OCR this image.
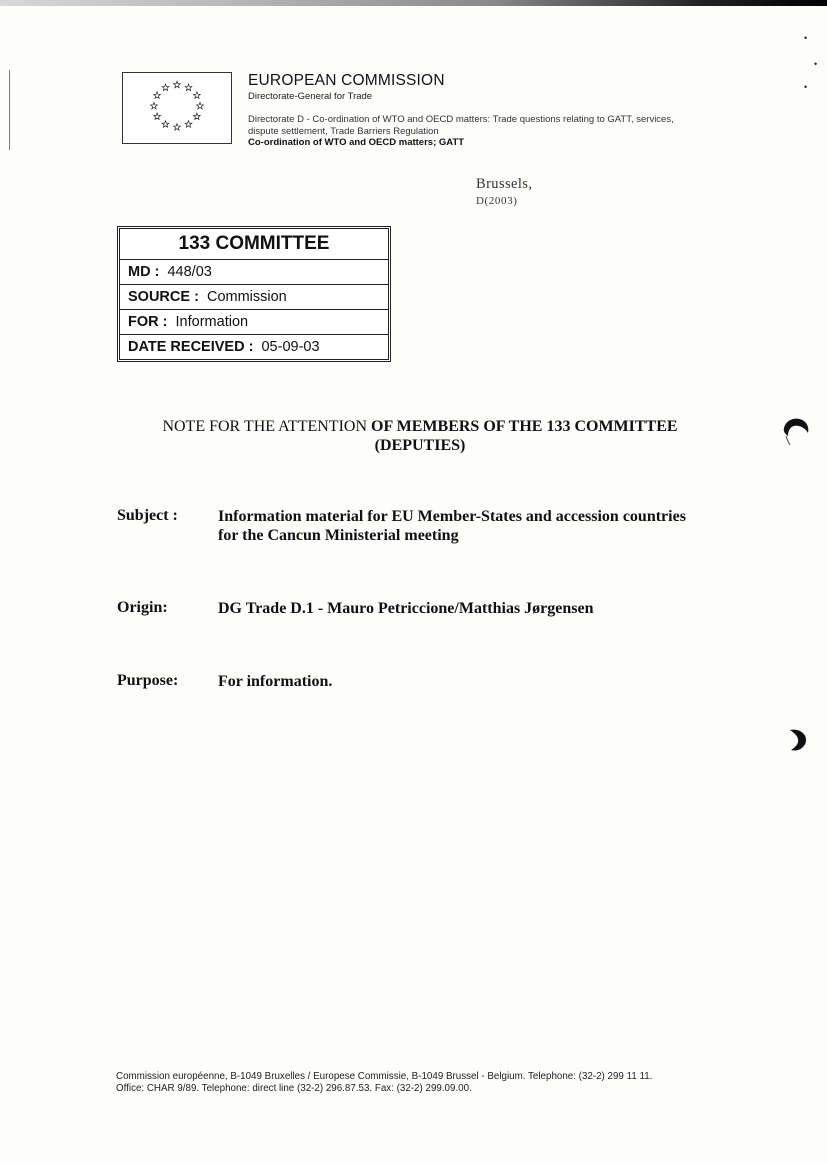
•
•
•
EUROPEAN COMMISSION
Directorate-General for Trade
Directorate D - Co-ordination of WTO and OECD matters: Trade questions relating to GATT, services,
dispute settlement, Trade Barriers Regulation
Co-ordination of WTO and OECD matters; GATT
Brussels,
D(2003)
133 COMMITTEE
MD : 448/03
SOURCE : Commission
FOR : Information
DATE RECEIVED : 05-09-03
NOTE FOR THE ATTENTION OF MEMBERS OF THE 133 COMMITTEE
(DEPUTIES)
Subject :	Information material for EU Member-States and accession countries
for the Cancun Ministerial meeting
Origin:	DG Trade D.1 - Mauro Petriccione/Matthias Jørgensen
Purpose: For information.
Commission européenne, B-1049 Bruxelles / Europese Commissie, B-1049 Brussel - Belgium. Telephone: (32-2) 299 11 11.
Office: CHAR 9/89. Telephone: direct line (32-2) 296.87.53. Fax: (32-2) 299.09.00.
